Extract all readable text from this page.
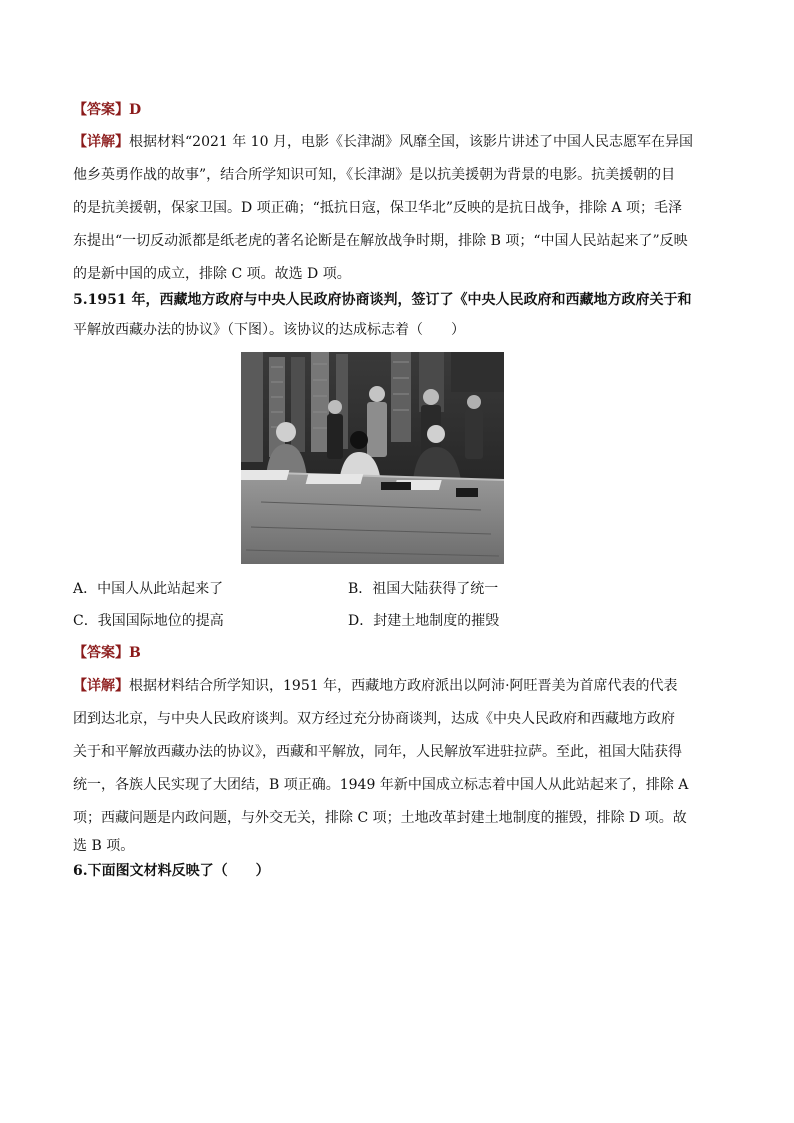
【答案】D
【详解】根据材料“2021 年 10 月，电影《长津湖》风靡全国，该影片讲述了中国人民志愿军在异国
他乡英勇作战的故事”，结合所学知识可知，《长津湖》是以抗美援朝为背景的电影。抗美援朝的目
的是抗美援朝，保家卫国。D 项正确；“抵抗日寇，保卫华北”反映的是抗日战争，排除 A 项；毛泽
东提出“一切反动派都是纸老虎的著名论断是在解放战争时期，排除 B 项；“中国人民站起来了”反映
的是新中国的成立，排除 C 项。故选 D 项。
5.1951 年，西藏地方政府与中央人民政府协商谈判，签订了《中央人民政府和西藏地方政府关于和
平解放西藏办法的协议》（下图）。该协议的达成标志着（　　）
A．中国人从此站起来了	B．祖国大陆获得了统一
C．我国国际地位的提高	D．封建土地制度的摧毁
【答案】B
【详解】根据材料结合所学知识，1951 年，西藏地方政府派出以阿沛·阿旺晋美为首席代表的代表
团到达北京，与中央人民政府谈判。双方经过充分协商谈判，达成《中央人民政府和西藏地方政府
关于和平解放西藏办法的协议》，西藏和平解放，同年，人民解放军进驻拉萨。至此，祖国大陆获得
统一，各族人民实现了大团结，B 项正确。1949 年新中国成立标志着中国人从此站起来了，排除 A
项；西藏问题是内政问题，与外交无关，排除 C 项；土地改革封建土地制度的摧毁，排除 D 项。故
选 B 项。
6.下面图文材料反映了（　　）
